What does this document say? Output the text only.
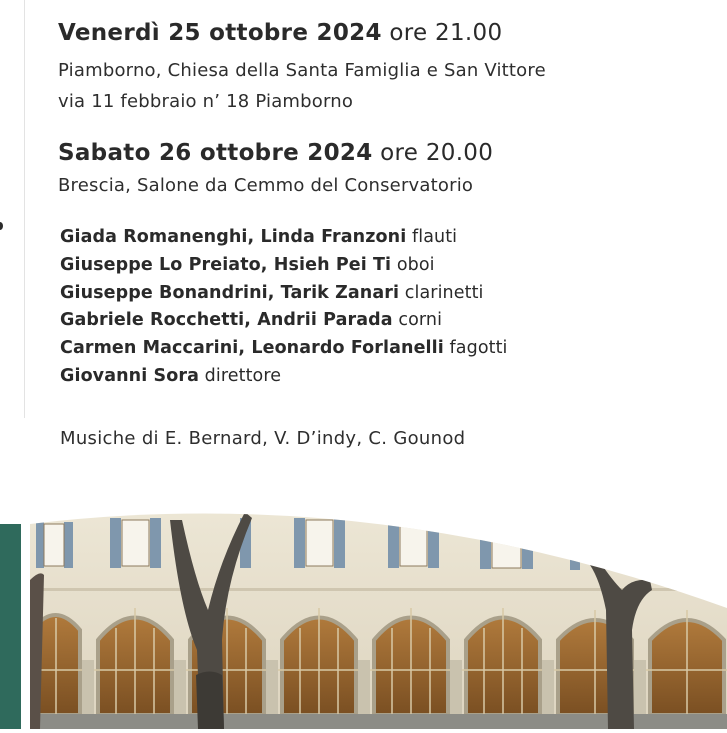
Venerdì 25 ottobre 2024 ore 21.00
Piamborno, Chiesa della Santa Famiglia e San Vittore
via 11 febbraio n’ 18 Piamborno
Sabato 26 ottobre 2024 ore 20.00
Brescia, Salone da Cemmo del Conservatorio
Giada Romanenghi, Linda Franzoni flauti
Giuseppe Lo Preiato, Hsieh Pei Ti oboi
Giuseppe Bonandrini, Tarik Zanari clarinetti
Gabriele Rocchetti, Andrii Parada corni
Carmen Maccarini, Leonardo Forlanelli fagotti
Giovanni Sora direttore
Musiche di E. Bernard, V. D’indy, C. Gounod
